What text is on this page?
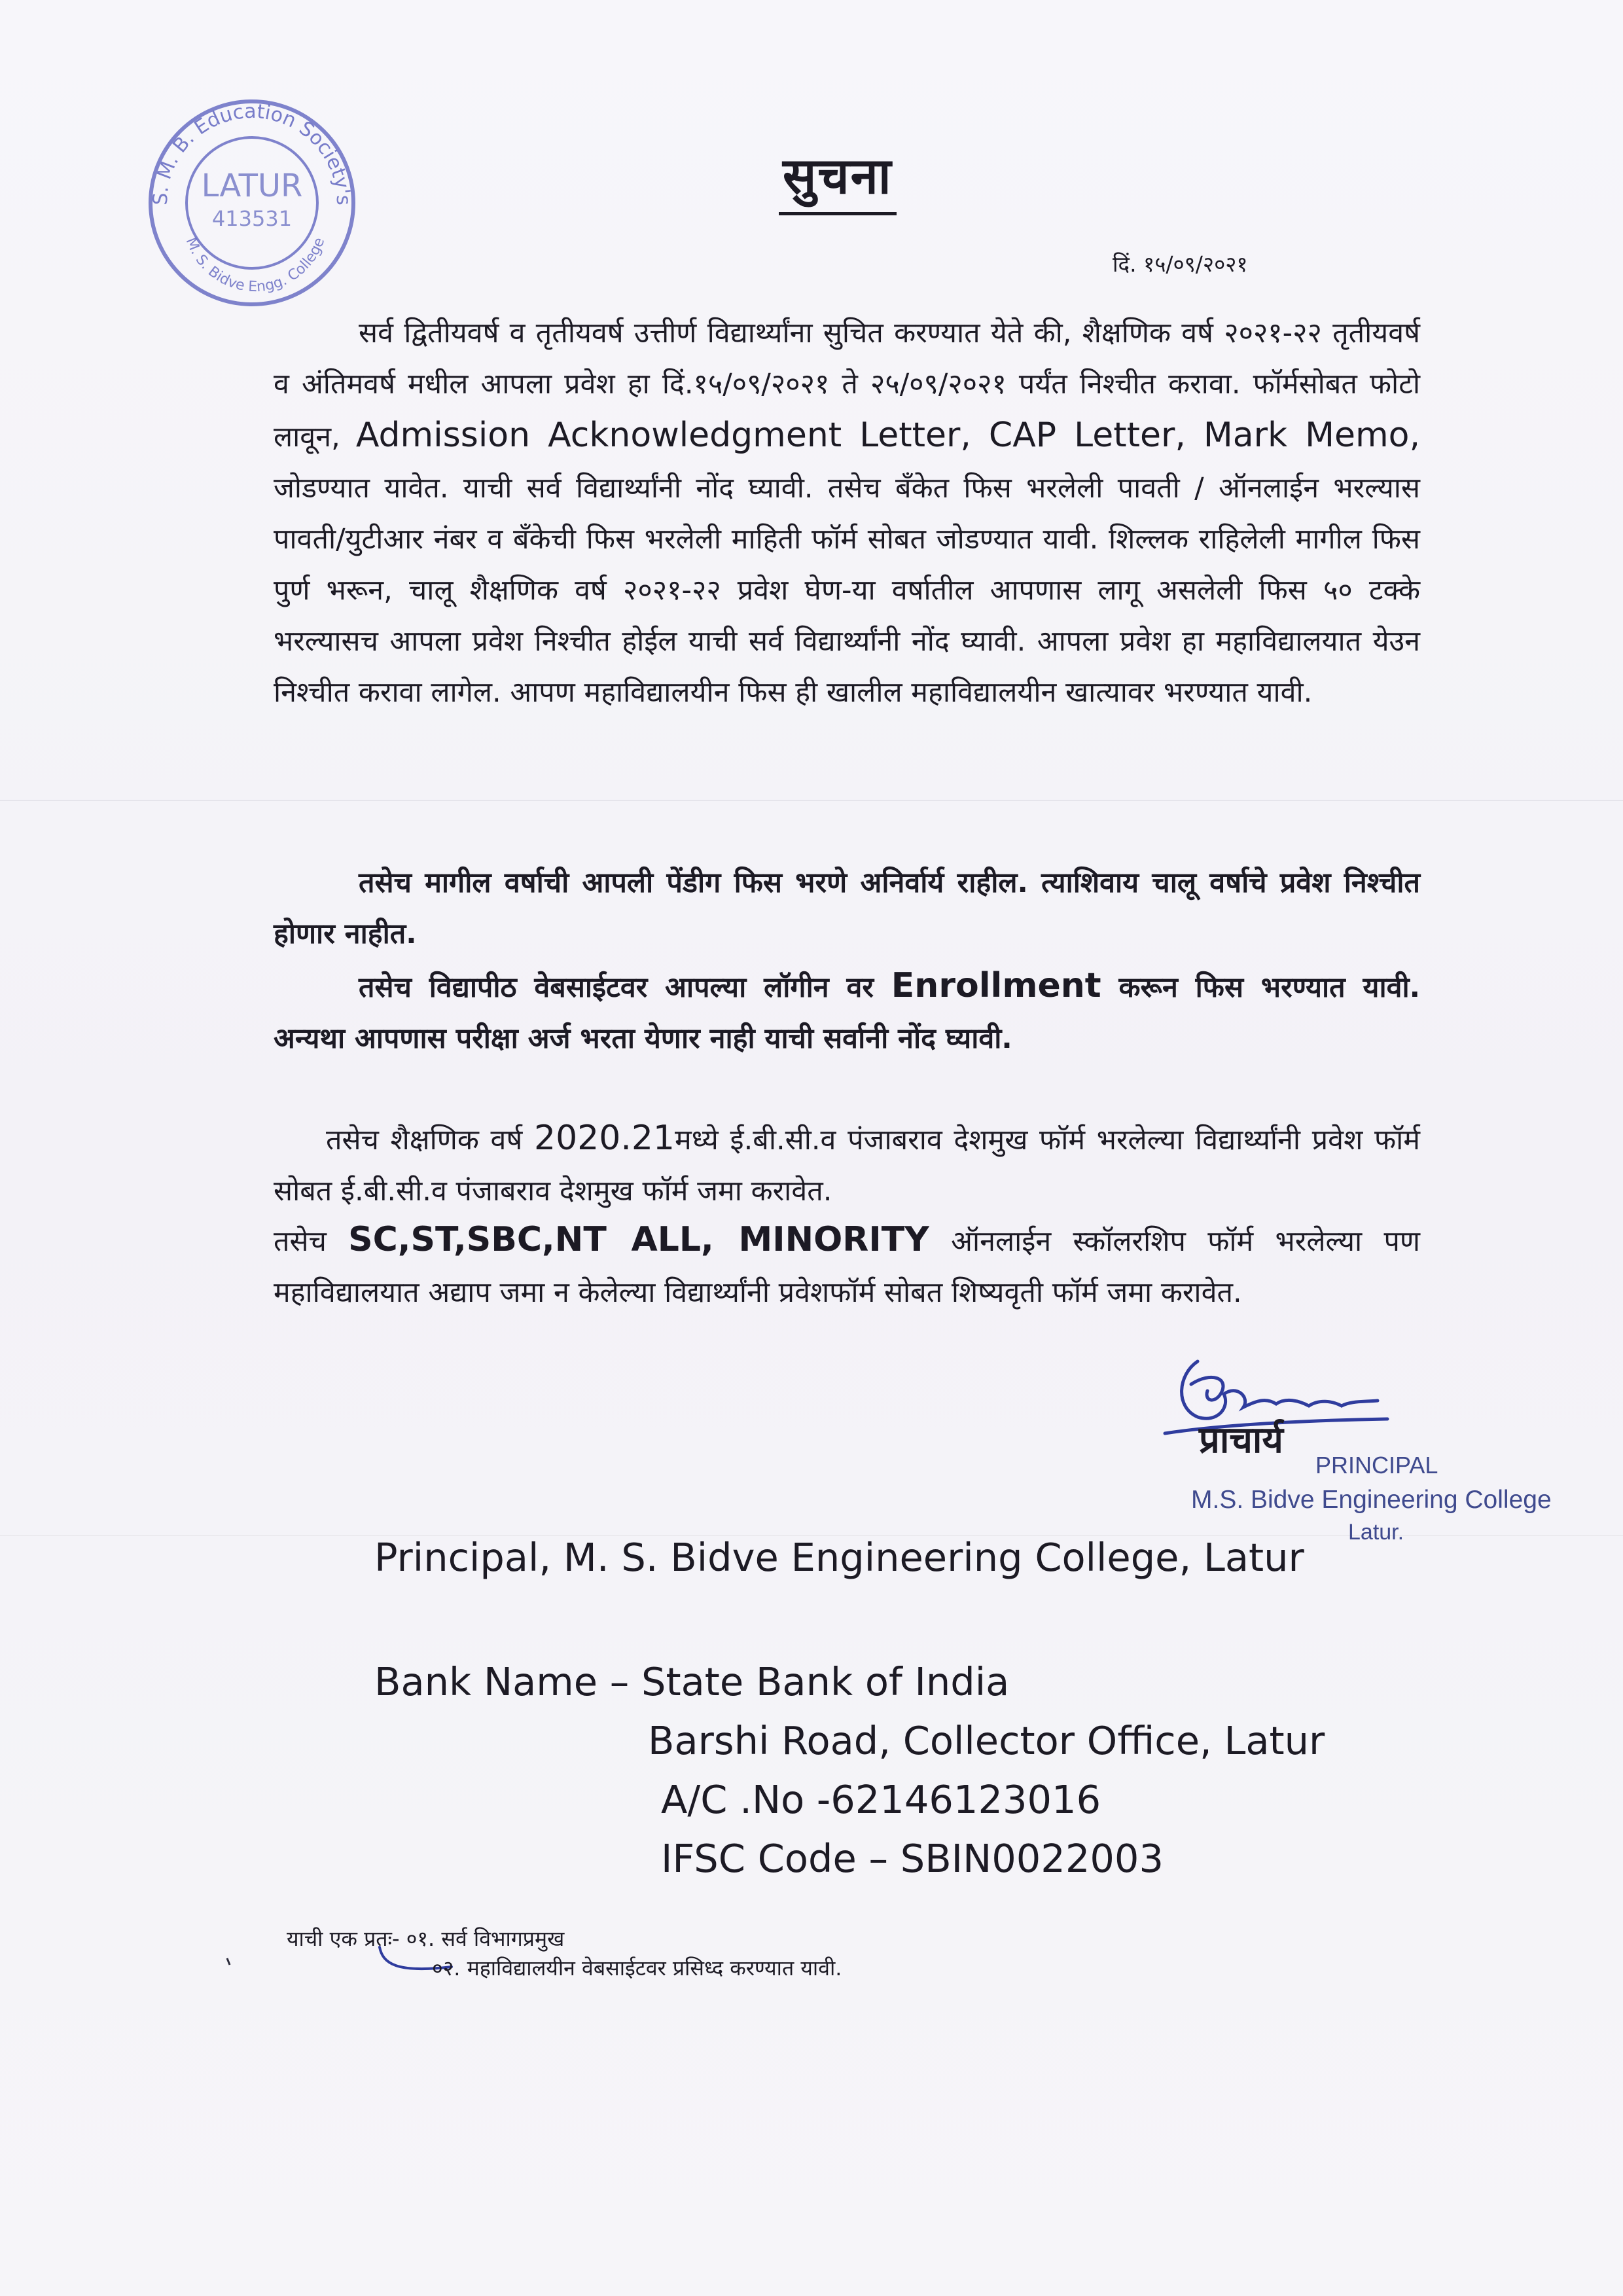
S. M. B. Education Society's
M. S. Bidve Engg. College
LATUR
413531
सुचना
दिं. १५/०९/२०२१

सर्व द्वितीयवर्ष व तृतीयवर्ष उत्तीर्ण विद्यार्थ्यांना सुचित करण्यात येते की, शैक्षणिक वर्ष २०२१-२२ तृतीयवर्ष व अंतिमवर्ष मधील आपला प्रवेश हा दिं.१५/०९/२०२१ ते २५/०९/२०२१ पर्यंत निश्चीत करावा. फॉर्मसोबत फोटो लावून, Admission Acknowledgment Letter, CAP Letter, Mark Memo, जोडण्यात यावेत. याची सर्व विद्यार्थ्यांनी नोंद घ्यावी. तसेच बँकेत फिस भरलेली पावती / ऑनलाईन भरल्यास पावती/युटीआर नंबर व बँकेची फिस भरलेली माहिती फॉर्म सोबत जोडण्यात यावी. शिल्लक राहिलेली मागील फिस पुर्ण भरून, चालू शैक्षणिक वर्ष २०२१-२२ प्रवेश घेण-या वर्षातील आपणास लागू असलेली फिस ५० टक्के भरल्यासच आपला प्रवेश निश्चीत होईल याची सर्व विद्यार्थ्यांनी नोंद घ्यावी. आपला प्रवेश हा महाविद्यालयात येउन निश्चीत करावा लागेल. आपण महाविद्यालयीन फिस ही खालील महाविद्यालयीन खात्यावर भरण्यात यावी.

तसेच मागील वर्षाची आपली पेंडीग फिस भरणे अनिर्वार्य राहील. त्याशिवाय चालू वर्षाचे प्रवेश निश्चीत होणार नाहीत.

तसेच विद्यापीठ वेबसाईटवर आपल्या लॉगीन वर Enrollment करून फिस भरण्यात यावी. अन्यथा आपणास परीक्षा अर्ज भरता येणार नाही याची सर्वानी नोंद घ्यावी.

तसेच शैक्षणिक वर्ष 2020.21मध्ये ई.बी.सी.व पंजाबराव देशमुख फॉर्म भरलेल्या विद्यार्थ्यांनी प्रवेश फॉर्म सोबत ई.बी.सी.व पंजाबराव देशमुख फॉर्म जमा करावेत.

तसेच SC,ST,SBC,NT ALL, MINORITY ऑनलाईन स्कॉलरशिप फॉर्म भरलेल्या पण महाविद्यालयात अद्याप जमा न केलेल्या विद्यार्थ्यांनी प्रवेशफॉर्म सोबत शिष्यवृती फॉर्म जमा करावेत.

प्राचार्य
PRINCIPAL
M.S. Bidve Engineering College
Latur.
Principal, M. S. Bidve Engineering College, Latur
Bank Name – State Bank of India
Barshi Road, Collector Office, Latur
A/C .No -62146123016
IFSC Code – SBIN0022003
याची एक प्रतः- ०१. सर्व विभागप्रमुख
०२. महाविद्यालयीन वेबसाईटवर प्रसिध्द करण्यात यावी.
